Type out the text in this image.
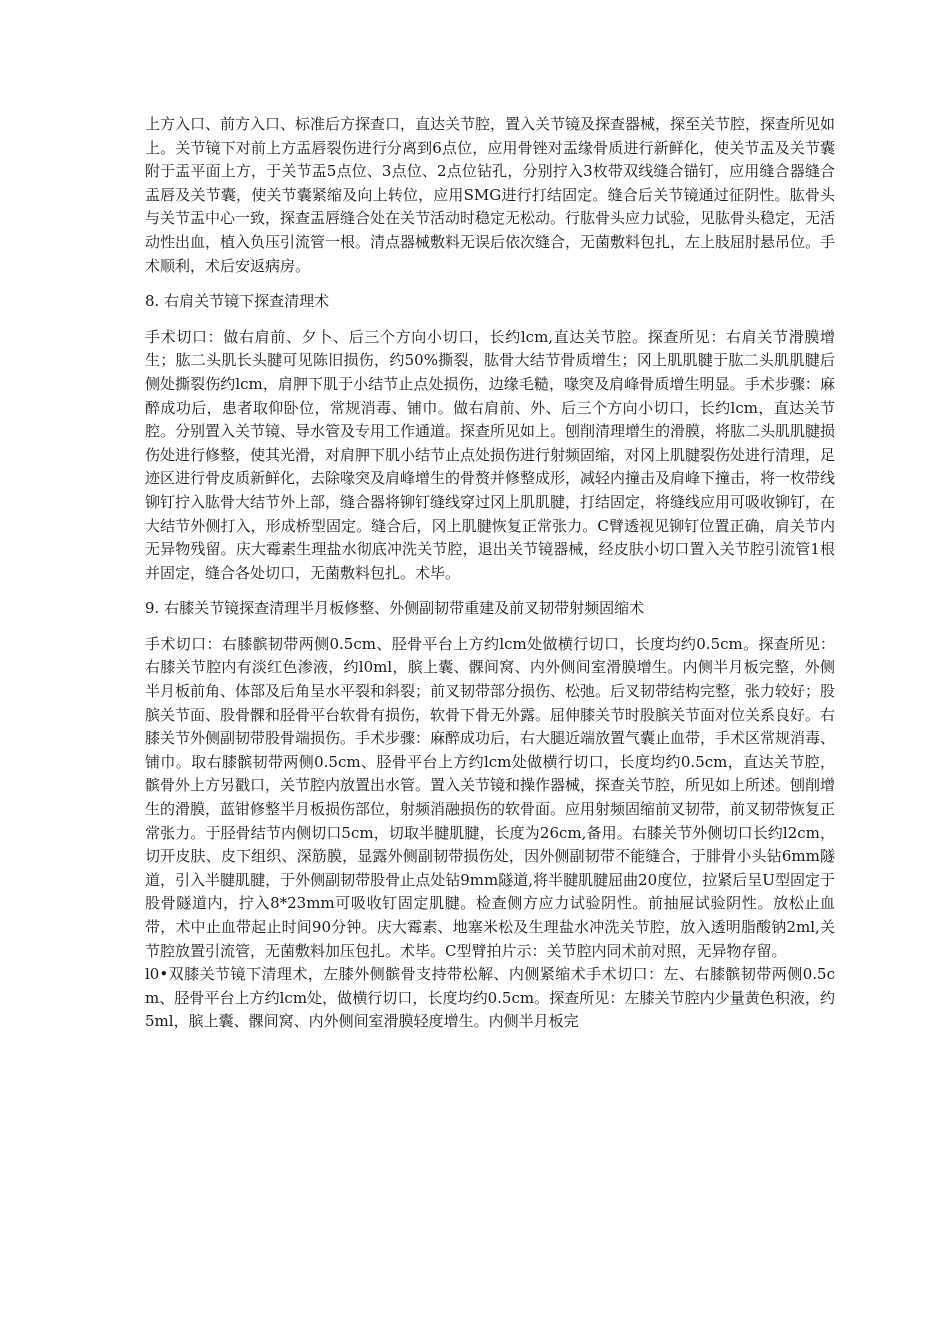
上方入口、前方入口、标准后方探查口，直达关节腔，置入关节镜及探查器械，探至关节腔，探查所见如上。关节镜下对前上方盂唇裂伤进行分离到6点位，应用骨锉对盂缘骨质进行新鲜化，使关节盂及关节囊附于盂平面上方，于关节盂5点位、3点位、2点位钻孔，分别拧入3枚带双线缝合锚钉，应用缝合器缝合盂唇及关节囊，使关节囊紧缩及向上转位，应用SMG进行打结固定。缝合后关节镜通过征阴性。肱骨头与关节盂中心一致，探查盂唇缝合处在关节活动时稳定无松动。行肱骨头应力试验，见肱骨头稳定，无活动性出血，植入负压引流管一根。清点器械敷料无误后依次缝合，无菌敷料包扎，左上肢屈肘悬吊位。手术顺利，术后安返病房。

8. 右肩关节镜下探查清理术

手术切口：做右肩前、夕卜、后三个方向小切口，长约lcm,直达关节腔。探查所见：右肩关节滑膜增生；肱二头肌长头腱可见陈旧损伤，约50%撕裂，肱骨大结节骨质增生；冈上肌肌腱于肱二头肌肌腱后侧处撕裂伤约lcm，肩胛下肌于小结节止点处损伤，边缘毛糙，喙突及肩峰骨质增生明显。手术步骤：麻醉成功后，患者取仰卧位，常规消毒、铺巾。做右肩前、外、后三个方向小切口，长约lcm，直达关节腔。分别置入关节镜、导水管及专用工作通道。探查所见如上。刨削清理增生的滑膜，将肱二头肌肌腱损伤处进行修整，使其光滑，对肩胛下肌小结节止点处损伤进行射频固缩，对冈上肌腱裂伤处进行清理，足迹区进行骨皮质新鲜化，去除喙突及肩峰增生的骨赘并修整成形，减轻内撞击及肩峰下撞击，将一枚带线铆钉拧入肱骨大结节外上部，缝合器将铆钉缝线穿过冈上肌肌腱，打结固定，将缝线应用可吸收铆钉，在大结节外侧打入，形成桥型固定。缝合后，冈上肌腱恢复正常张力。C臂透视见铆钉位置正确，肩关节内无异物残留。庆大霉素生理盐水彻底冲洗关节腔，退出关节镜器械，经皮肤小切口置入关节腔引流管1根并固定，缝合各处切口，无菌敷料包扎。术毕。

9. 右膝关节镜探查清理半月板修整、外侧副韧带重建及前叉韧带射频固缩术

手术切口：右膝髌韧带两侧0.5cm、胫骨平台上方约lcm处做横行切口，长度均约0.5cm。探查所见：右膝关节腔内有淡红色渗液，约l0ml，膑上囊、髁间窝、内外侧间室滑膜增生。内侧半月板完整，外侧半月板前角、体部及后角呈水平裂和斜裂；前叉韧带部分损伤、松弛。后叉韧带结构完整，张力较好；股膑关节面、股骨髁和胫骨平台软骨有损伤，软骨下骨无外露。屈伸膝关节时股膑关节面对位关系良好。右膝关节外侧副韧带股骨端损伤。手术步骤：麻醉成功后，右大腿近端放置气囊止血带，手术区常规消毒、铺巾。取右膝髌韧带两侧0.5cm、胫骨平台上方约lcm处做横行切口，长度均约0.5cm，直达关节腔，髌骨外上方另戳口，关节腔内放置出水管。置入关节镜和操作器械，探查关节腔，所见如上所述。刨削增生的滑膜，蓝钳修整半月板损伤部位，射频消融损伤的软骨面。应用射频固缩前叉韧带，前叉韧带恢复正常张力。于胫骨结节内侧切口5cm，切取半腱肌腱，长度为26cm,备用。右膝关节外侧切口长约l2cm，切开皮肤、皮下组织、深筋膜，显露外侧副韧带损伤处，因外侧副韧带不能缝合，于腓骨小头钻6mm隧道，引入半腱肌腱，于外侧副韧带股骨止点处钻9mm隧道,将半腱肌腱屈曲20度位，拉紧后呈U型固定于股骨隧道内，拧入8*23mm可吸收钉固定肌腱。检查侧方应力试验阴性。前抽屉试验阴性。放松止血带，术中止血带起止时间90分钟。庆大霉素、地塞米松及生理盐水冲洗关节腔，放入透明脂酸钠2ml,关节腔放置引流管，无菌敷料加压包扎。术毕。C型臂拍片示：关节腔内同术前对照，无异物存留。

l0•双膝关节镜下清理术，左膝外侧髌骨支持带松解、内侧紧缩术手术切口：左、右膝髌韧带两侧0.5cm、胫骨平台上方约lcm处，做横行切口，长度均约0.5cm。探查所见：左膝关节腔内少量黄色积液，约5ml，膑上囊、髁间窝、内外侧间室滑膜轻度增生。内侧半月板完
